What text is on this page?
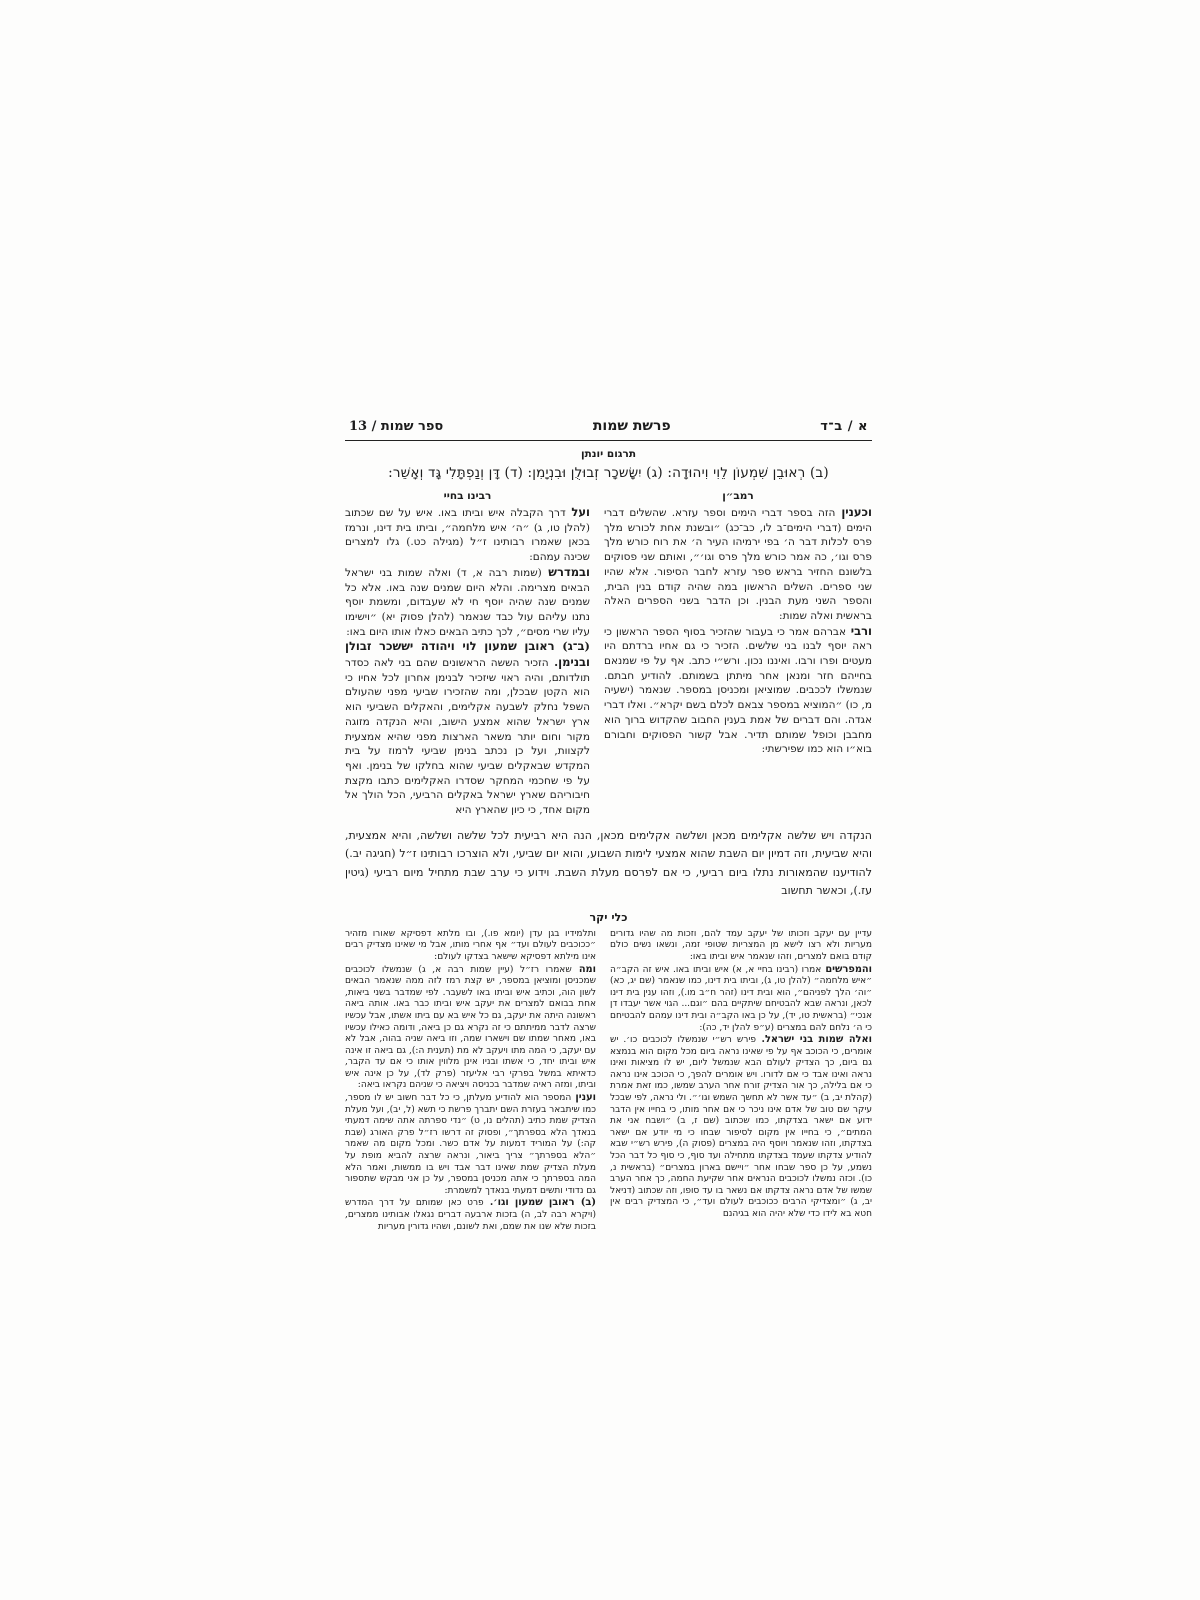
א / ב־ד
פרשת שמות
ספר שמות / 13
תרגום יונתן
(ב) רְאוּבֵן שִׁמְעוֹן לֵוִי וִיהוּדָה: (ג) יִשָּׂשכָר זְבוּלֻן וּבִנְיָמִן: (ד) דָּן וְנַפְתָּלִי גָּד וְאָשֵׁר:
רמב״ן

וכענין הזה בספר דברי הימים וספר עזרא. שהשלים דברי הימים (דברי הימים־ב לו, כב־כג) ״ובשנת אחת לכורש מלך פרס לכלות דבר ה׳ בפי ירמיהו העיר ה׳ את רוח כורש מלך פרס וגו׳, כה אמר כורש מלך פרס וגו׳״, ואותם שני פסוקים בלשונם החזיר בראש ספר עזרא לחבר הסיפור. אלא שהיו שני ספרים. השלים הראשון במה שהיה קודם בנין הבית, והספר השני מעת הבנין. וכן הדבר בשני הספרים האלה בראשית ואלה שמות:

ורבי אברהם אמר כי בעבור שהזכיר בסוף הספר הראשון כי ראה יוסף לבנו בני שלשים. הזכיר כי גם אחיו ברדתם היו מעטים ופרו ורבו. ואיננו נכון. ורש״י כתב. אף על פי שמנאם בחייהם חזר ומנאן אחר מיתתן בשמותם. להודיע חבתם. שנמשלו לככבים. שמוציאן ומכניסן במספר. שנאמר (ישעיה מ, כו) ״המוציא במספר צבאם לכלם בשם יקרא״. ואלו דברי אגדה. והם דברים של אמת בענין החבוב שהקדוש ברוך הוא מחבבן וכופל שמותם תדיר. אבל קשור הפסוקים וחבורם בוא״ו הוא כמו שפירשתי:

רבינו בחיי

ועל דרך הקבלה איש וביתו באו. איש על שם שכתוב (להלן טו, ג) ״ה׳ איש מלחמה״, וביתו בית דינו, ונרמז בכאן שאמרו רבותינו ז״ל (מגילה כט.) גלו למצרים שכינה עמהם:

ובמדרש (שמות רבה א, ד) ואלה שמות בני ישראל הבאים מצרימה. והלא היום שמנים שנה באו. אלא כל שמנים שנה שהיה יוסף חי לא שעבדום, ומשמת יוסף נתנו עליהם עול כבד שנאמר (להלן פסוק יא) ״וישימו עליו שרי מסים״, לכך כתיב הבאים כאלו אותו היום באו:

(ב־ג) ראובן שמעון לוי ויהודה יששכר זבולן ובנימן. הזכיר הששה הראשונים שהם בני לאה כסדר תולדותם, והיה ראוי שיזכיר לבנימן אחרון לכל אחיו כי הוא הקטן שבכלן, ומה שהזכירו שביעי מפני שהעולם השפל נחלק לשבעה אקלימים, והאקלים השביעי הוא ארץ ישראל שהוא אמצע הישוב, והיא הנקדה מזוגה מקור וחום יותר משאר הארצות מפני שהיא אמצעית לקצוות, ועל כן נכתב בנימן שביעי לרמוז על בית המקדש שבאקלים שביעי שהוא בחלקו של בנימן. ואף על פי שחכמי המחקר שסדרו האקלימים כתבו מקצת חיבוריהם שארץ ישראל באקלים הרביעי, הכל הולך אל מקום אחד, כי כיון שהארץ היא

הנקדה ויש שלשה אקלימים מכאן ושלשה אקלימים מכאן, הנה היא רביעית לכל שלשה ושלשה, והיא אמצעית, והיא שביעית, וזה דמיון יום השבת שהוא אמצעי לימות השבוע, והוא יום שביעי, ולא הוצרכו רבותינו ז״ל (חגיגה יב.) להודיענו שהמאורות נתלו ביום רביעי, כי אם לפרסם מעלת השבת. וידוע כי ערב שבת מתחיל מיום רביעי (גיטין עז.), וכאשר תחשוב
כלי יקר

עדיין עם יעקב וזכותו של יעקב עמד להם, וזכות מה שהיו גדורים מעריות ולא רצו לישא מן המצריות שטופי זמה, ונשאו נשים כולם קודם בואם למצרים, וזהו שנאמר איש וביתו באו:

והמפרשים אמרו (רבינו בחיי א, א) איש וביתו באו. איש זה הקב״ה ״איש מלחמה״ (להלן טו, ג), וביתו בית דינו, כמו שנאמר (שם יג, כא) ״וה׳ הלך לפניהם״, הוא ובית דינו (זהר ח״ב מו.), וזהו ענין בית דינו לכאן, ונראה שבא להבטיחם שיתקיים בהם ״וגם... הגוי אשר יעבדו דן אנכי״ (בראשית טו, יד), על כן באו הקב״ה ובית דינו עמהם להבטיחם כי ה׳ נלחם להם במצרים (ע״פ להלן יד, כה):

ואלה שמות בני ישראל. פירש רש״י שנמשלו לכוכבים כו׳. יש אומרים, כי הכוכב אף על פי שאינו נראה ביום מכל מקום הוא בנמצא גם ביום, כך הצדיק לעולם הבא שנמשל ליום, יש לו מציאות ואינו נראה ואינו אבד כי אם לדורו. ויש אומרים להפך, כי הכוכב אינו נראה כי אם בלילה, כך אור הצדיק זורח אחר הערב שמשו, כמו זאת אמרת (קהלת יב, ב) ״עד אשר לא תחשך השמש וגו׳״. ולי נראה, לפי שבכל עיקר שם טוב של אדם אינו ניכר כי אם אחר מותו, כי בחייו אין הדבר ידוע אם ישאר בצדקתו, כמו שכתוב (שם ז, ב) ״ושבח אני את המתים״, כי בחייו אין מקום לסיפור שבחו כי מי יודע אם ישאר בצדקתו, וזהו שנאמר ויוסף היה במצרים (פסוק ה), פירש רש״י שבא להודיע צדקתו שעמד בצדקתו מתחילה ועד סוף, כי סוף כל דבר הכל נשמע, על כן ספר שבחו אחר ״ויישם בארון במצרים״ (בראשית נ, כו). וכזה נמשלו לכוכבים הנראים אחר שקיעת החמה, כך אחר הערב שמשו של אדם נראה צדקתו אם נשאר בו עד סופו, וזה שכתוב (דניאל יב, ג) ״ומצדיקי הרבים ככוכבים לעולם ועד״, כי המצדיק רבים אין חטא בא לידו כדי שלא יהיה הוא בגיהנם

ותלמידיו בגן עדן (יומא פו.), ובו מלתא דפסיקא שאורו מזהיר ״ככוכבים לעולם ועד״ אף אחרי מותו, אבל מי שאינו מצדיק רבים אינו מילתא דפסיקא שישאר בצדקו לעולם:

ומה שאמרו רז״ל (עיין שמות רבה א, ג) שנמשלו לכוכבים שמכניסן ומוציאן במספר, יש קצת רמז לזה ממה שנאמר הבאים לשון הוה, וכתיב איש וביתו באו לשעבר. לפי שמדבר בשני ביאות, אחת בבואם למצרים את יעקב איש וביתו כבר באו. אותה ביאה ראשונה היתה את יעקב, גם כל איש בא עם ביתו אשתו, אבל עכשיו שרצה לדבר ממיתתם כי זה נקרא גם כן ביאה, ודומה כאילו עכשיו באו, מאחר שמתו שם וישארו שמה, וזו ביאה שניה בהוה, אבל לא עם יעקב, כי המה מתו ויעקב לא מת (תענית ה:), גם ביאה זו אינה איש וביתו יחד, כי אשתו ובניו אינן מלווין אותו כי אם עד הקבר, כדאיתא במשל בפרקי רבי אליעזר (פרק לד), על כן אינה איש וביתו, ומזה ראיה שמדבר בכניסה ויציאה כי שניהם נקראו ביאה:

וענין המספר הוא להודיע מעלתן, כי כל דבר חשוב יש לו מספר, כמו שיתבאר בעזרת השם יתברך פרשת כי תשא (ל, יב), ועל מעלת הצדיק שמת כתיב (תהלים נו, ט) ״נדי ספרתה אתה שימה דמעתי בנאדך הלא בספרתך״, ופסוק זה דרשו רז״ל פרק האורג (שבת קה:) על המוריד דמעות על אדם כשר. ומכל מקום מה שאמר ״הלא בספרתך״ צריך ביאור, ונראה שרצה להביא מופת על מעלת הצדיק שמת שאינו דבר אבד ויש בו ממשות, ואמר הלא המה בספרתך כי אתה מכניסן במספר, על כן אני מבקש שתספור גם נדודי ותשים דמעתי בנאדך למשמרת:

(ב) ראובן שמעון וגו׳. פרט כאן שמותם על דרך המדרש (ויקרא רבה לב, ה) בזכות ארבעה דברים נגאלו אבותינו ממצרים, בזכות שלא שנו את שמם, ואת לשונם, ושהיו גדורין מעריות
